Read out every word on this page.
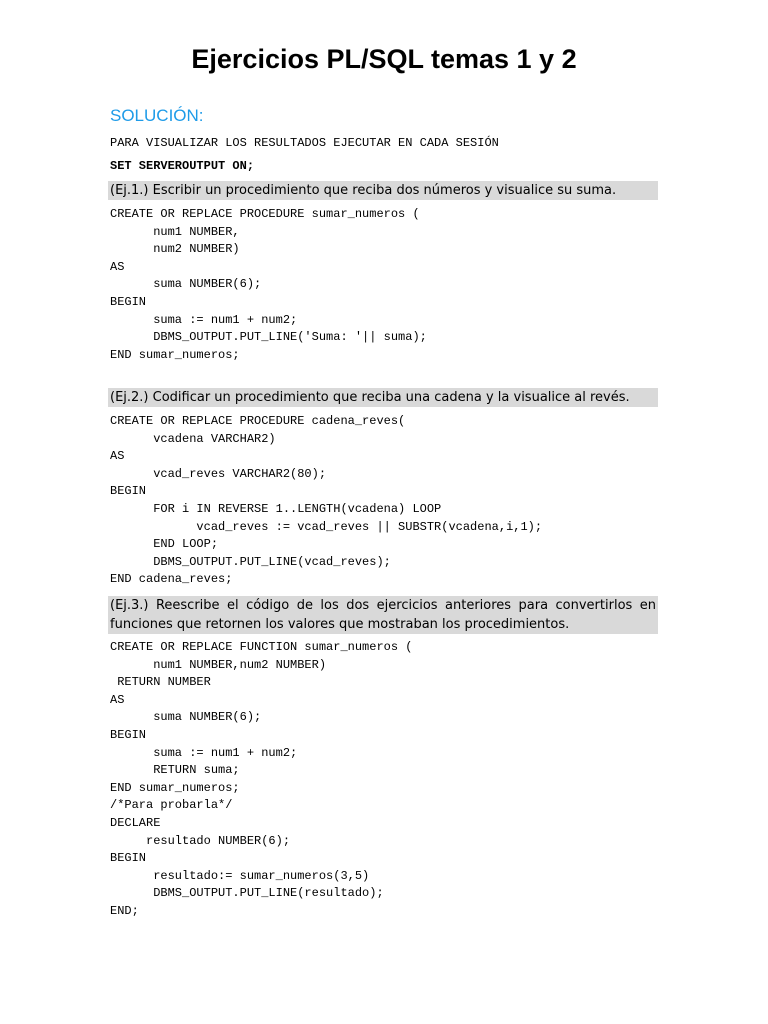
Ejercicios PL/SQL temas 1 y 2
SOLUCIÓN:
PARA VISUALIZAR LOS RESULTADOS EJECUTAR EN CADA SESIÓN
SET SERVEROUTPUT ON;
(Ej.1.) Escribir un procedimiento que reciba dos números y visualice su suma.
CREATE OR REPLACE PROCEDURE sumar_numeros (
num1 NUMBER,
num2 NUMBER)
AS
suma NUMBER(6);
BEGIN
suma := num1 + num2;
DBMS_OUTPUT.PUT_LINE('Suma: '|| suma);
END sumar_numeros;
(Ej.2.) Codificar un procedimiento que reciba una cadena y la visualice al revés.
CREATE OR REPLACE PROCEDURE cadena_reves(
vcadena VARCHAR2)
AS
vcad_reves VARCHAR2(80);
BEGIN
FOR i IN REVERSE 1..LENGTH(vcadena) LOOP
vcad_reves := vcad_reves || SUBSTR(vcadena,i,1);
END LOOP;
DBMS_OUTPUT.PUT_LINE(vcad_reves);
END cadena_reves;
(Ej.3.) Reescribe el código de los dos ejercicios anteriores para convertirlos en funciones que retornen los valores que mostraban los procedimientos.
CREATE OR REPLACE FUNCTION sumar_numeros (
num1 NUMBER,num2 NUMBER)
RETURN NUMBER
AS
suma NUMBER(6);
BEGIN
suma := num1 + num2;
RETURN suma;
END sumar_numeros;
/*Para probarla*/
DECLARE
resultado NUMBER(6);
BEGIN
resultado:= sumar_numeros(3,5)
DBMS_OUTPUT.PUT_LINE(resultado);
END;
